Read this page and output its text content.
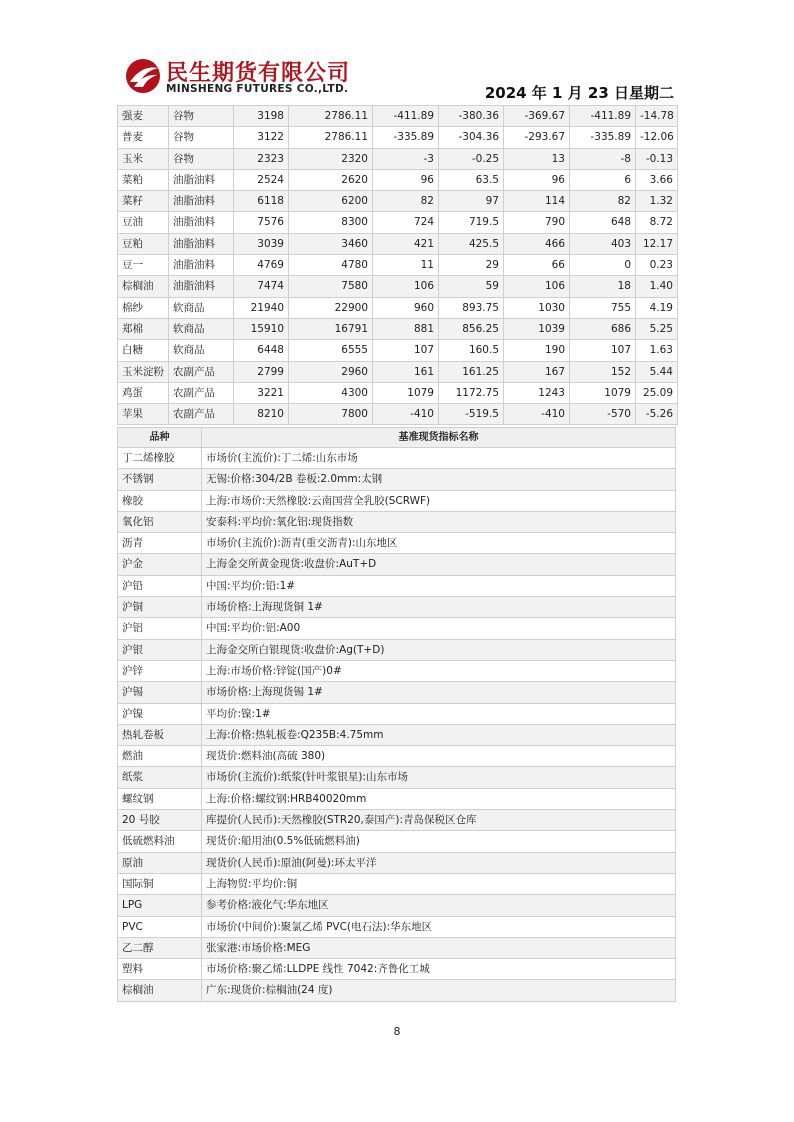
民生期货有限公司
MINSHENG FUTURES CO.,LTD.	2024 年 1 月 23 日星期二
强麦	谷物	3198	2786.11	-411.89	-380.36	-369.67	-411.89	-14.78
普麦	谷物	3122	2786.11	-335.89	-304.36	-293.67	-335.89	-12.06
玉米	谷物	2323	2320	-3	-0.25	13	-8	-0.13
菜粕	油脂油料	2524	2620	96	63.5	96	6	3.66
菜籽	油脂油料	6118	6200	82	97	114	82	1.32
豆油	油脂油料	7576	8300	724	719.5	790	648	8.72
豆粕	油脂油料	3039	3460	421	425.5	466	403	12.17
豆一	油脂油料	4769	4780	11	29	66	0	0.23
棕榈油	油脂油料	7474	7580	106	59	106	18	1.40
棉纱	软商品	21940	22900	960	893.75	1030	755	4.19
郑棉	软商品	15910	16791	881	856.25	1039	686	5.25
白糖	软商品	6448	6555	107	160.5	190	107	1.63
玉米淀粉	农副产品	2799	2960	161	161.25	167	152	5.44
鸡蛋	农副产品	3221	4300	1079	1172.75	1243	1079	25.09
苹果	农副产品	8210	7800	-410	-519.5	-410	-570	-5.26
品种	基准现货指标名称
丁二烯橡胶	市场价(主流价):丁二烯:山东市场
不锈钢	无锡:价格:304/2B 卷板:2.0mm:太钢
橡胶	上海:市场价:天然橡胶:云南国营全乳胶(SCRWF)
氧化铝	安泰科:平均价:氧化铝:现货指数
沥青	市场价(主流价):沥青(重交沥青):山东地区
沪金	上海金交所黄金现货:收盘价:AuT+D
沪铅	中国:平均价:铅:1#
沪铜	市场价格:上海现货铜 1#
沪铝	中国:平均价:铝:A00
沪银	上海金交所白银现货:收盘价:Ag(T+D)
沪锌	上海:市场价格:锌锭(国产)0#
沪锡	市场价格:上海现货锡 1#
沪镍	平均价:镍:1#
热轧卷板	上海:价格:热轧板卷:Q235B:4.75mm
燃油	现货价:燃料油(高硫 380)
纸浆	市场价(主流价):纸浆(针叶浆银星):山东市场
螺纹钢	上海:价格:螺纹钢:HRB40020mm
20 号胶	库提价(人民币):天然橡胶(STR20,泰国产):青岛保税区仓库
低硫燃料油	现货价:船用油(0.5%低硫燃料油)
原油	现货价(人民币):原油(阿曼):环太平洋
国际铜	上海物贸:平均价:铜
LPG	参考价格:液化气:华东地区
PVC	市场价(中间价):聚氯乙烯 PVC(电石法):华东地区
乙二醇	张家港:市场价格:MEG
塑料	市场价格:聚乙烯:LLDPE 线性 7042:齐鲁化工城
棕榈油	广东:现货价:棕榈油(24 度)
8
